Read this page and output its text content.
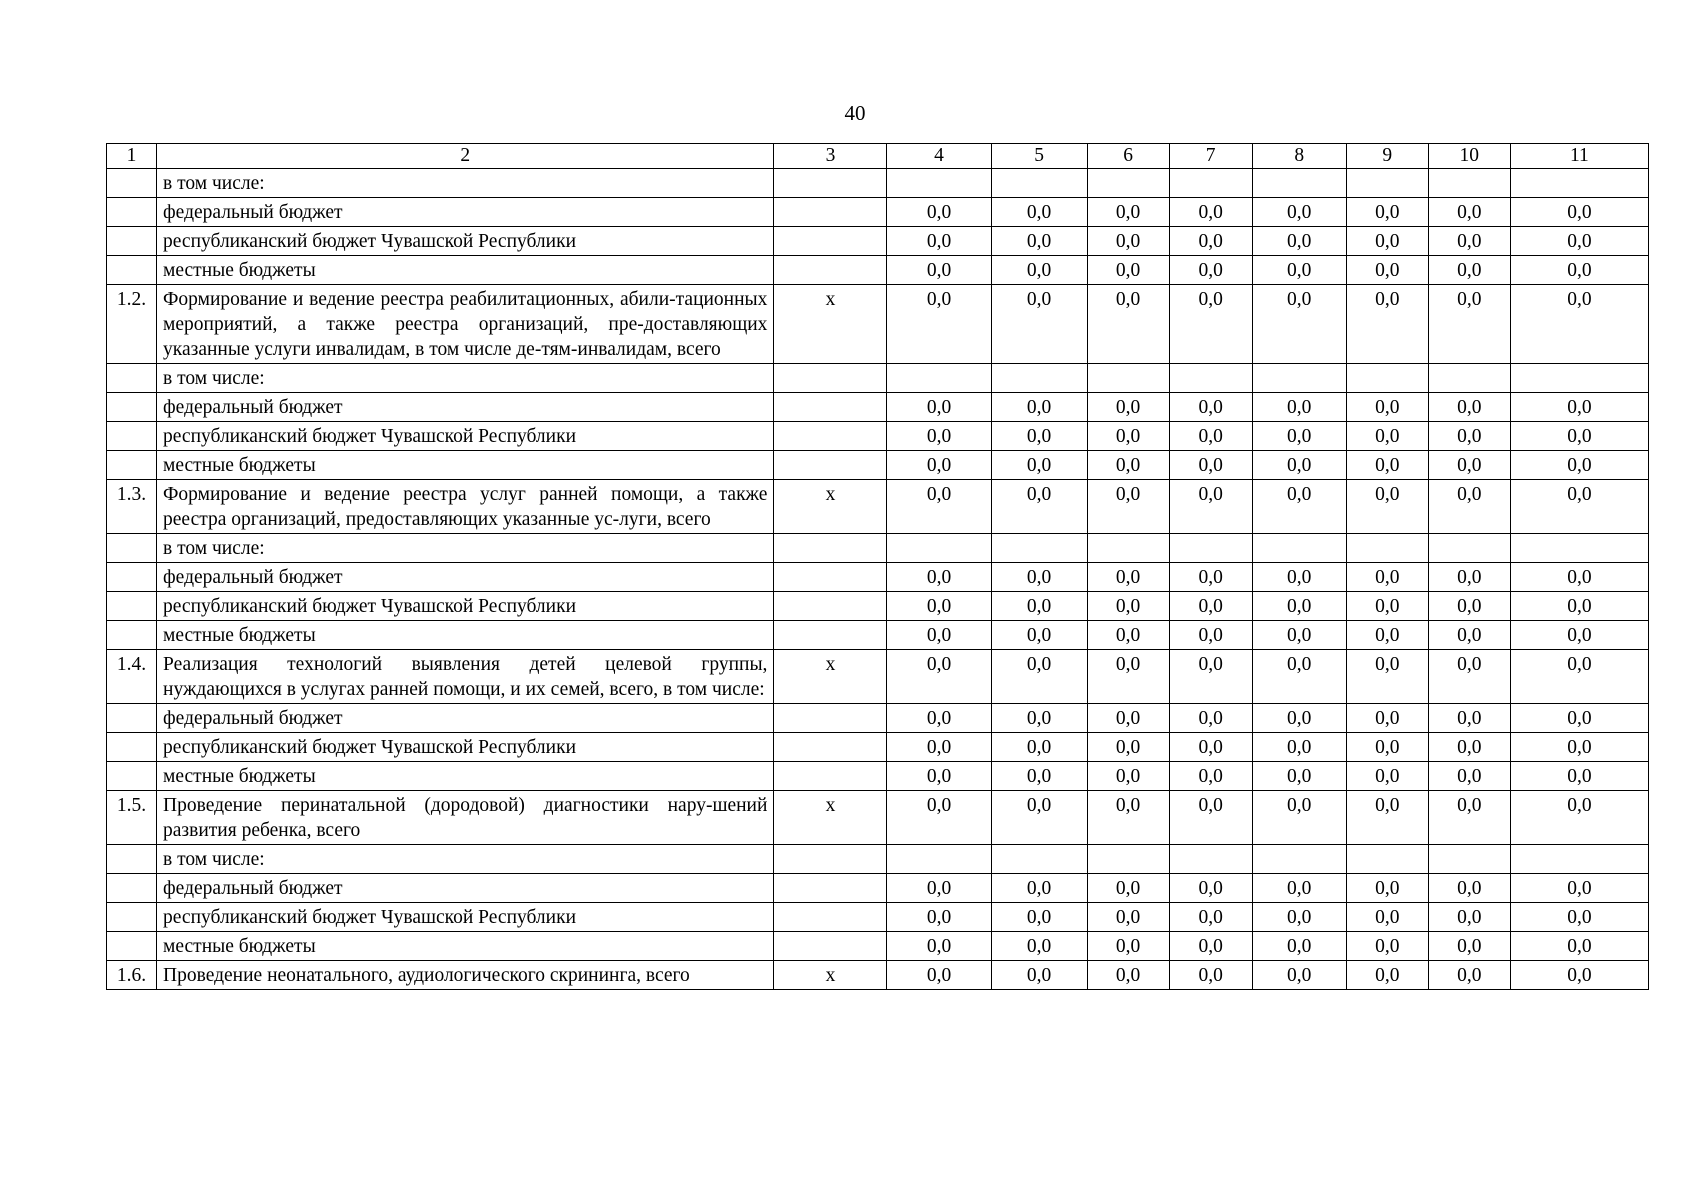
40
1	2	3	4	5	6	7	8	9	10	11
	в том числе:									
	федеральный бюджет		0,0	0,0	0,0	0,0	0,0	0,0	0,0	0,0
	республиканский бюджет Чувашской Республики		0,0	0,0	0,0	0,0	0,0	0,0	0,0	0,0
	местные бюджеты		0,0	0,0	0,0	0,0	0,0	0,0	0,0	0,0
1.2.	Формирование и ведение реестра реабилитационных, абили-тационных мероприятий, а также реестра организаций, пре-доставляющих указанные услуги инвалидам, в том числе де-тям-инвалидам, всего	х	0,0	0,0	0,0	0,0	0,0	0,0	0,0	0,0
	в том числе:									
	федеральный бюджет		0,0	0,0	0,0	0,0	0,0	0,0	0,0	0,0
	республиканский бюджет Чувашской Республики		0,0	0,0	0,0	0,0	0,0	0,0	0,0	0,0
	местные бюджеты		0,0	0,0	0,0	0,0	0,0	0,0	0,0	0,0
1.3.	Формирование и ведение реестра услуг ранней помощи, а также реестра организаций, предоставляющих указанные ус-луги, всего	х	0,0	0,0	0,0	0,0	0,0	0,0	0,0	0,0
	в том числе:									
	федеральный бюджет		0,0	0,0	0,0	0,0	0,0	0,0	0,0	0,0
	республиканский бюджет Чувашской Республики		0,0	0,0	0,0	0,0	0,0	0,0	0,0	0,0
	местные бюджеты		0,0	0,0	0,0	0,0	0,0	0,0	0,0	0,0
1.4.	Реализация технологий выявления детей целевой группы, нуждающихся в услугах ранней помощи, и их семей, всего, в том числе:	х	0,0	0,0	0,0	0,0	0,0	0,0	0,0	0,0
	федеральный бюджет		0,0	0,0	0,0	0,0	0,0	0,0	0,0	0,0
	республиканский бюджет Чувашской Республики		0,0	0,0	0,0	0,0	0,0	0,0	0,0	0,0
	местные бюджеты		0,0	0,0	0,0	0,0	0,0	0,0	0,0	0,0
1.5.	Проведение перинатальной (дородовой) диагностики нару-шений развития ребенка, всего	х	0,0	0,0	0,0	0,0	0,0	0,0	0,0	0,0
	в том числе:									
	федеральный бюджет		0,0	0,0	0,0	0,0	0,0	0,0	0,0	0,0
	республиканский бюджет Чувашской Республики		0,0	0,0	0,0	0,0	0,0	0,0	0,0	0,0
	местные бюджеты		0,0	0,0	0,0	0,0	0,0	0,0	0,0	0,0
1.6.	Проведение неонатального, аудиологического скрининга, всего	х	0,0	0,0	0,0	0,0	0,0	0,0	0,0	0,0
